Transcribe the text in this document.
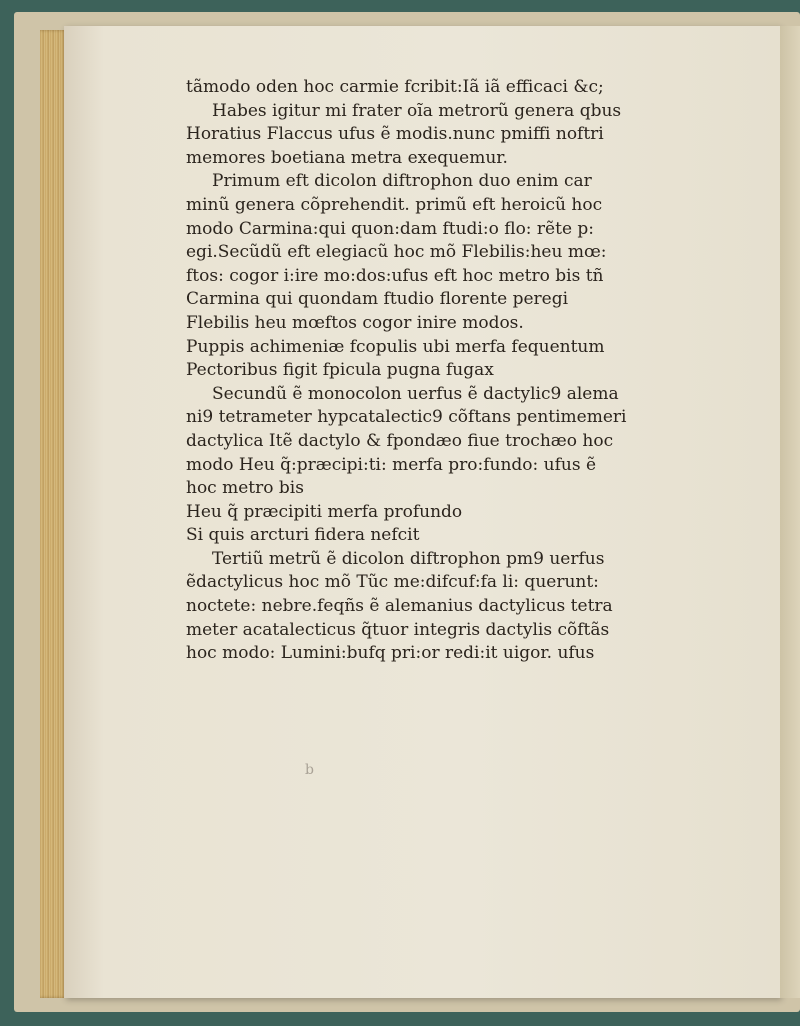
tãmodo oden hoc carmie fcribit:Iã iã efficaci &c;
Habes igitur mi frater oĩa metrorũ genera qbus
Horatius Flaccus ufus ẽ modis.nunc pmiffi noftri
memores boetiana metra exequemur.
Primum eft dicolon diftrophon duo enim car
minũ genera cõprehendit. primũ eft heroicũ hoc
modo Carmina:qui quon:dam ftudi:o flo: rẽte p:
egi.Secũdũ eft elegiacũ hoc mõ Flebilis:heu mœ:
ftos: cogor i:ire mo:dos:ufus eft hoc metro bis tñ
Carmina qui quondam ftudio florente peregi
Flebilis heu mœftos cogor inire modos.
Puppis achimeniæ fcopulis ubi merfa fequentum
Pectoribus figit fpicula pugna fugax
Secundũ ẽ monocolon uerfus ẽ dactylic9 alema
ni9 tetrameter hypcatalectic9 cõftans pentimemeri
dactylica Itẽ dactylo & fpondæo fiue trochæo hoc
modo Heu q̃:præcipi:ti: merfa pro:fundo: ufus ẽ
hoc metro bis
Heu q̃ præcipiti merfa profundo
Si quis arcturi fidera nefcit
Tertiũ metrũ ẽ dicolon diftrophon pm9 uerfus
ẽdactylicus hoc mõ Tũc me:difcuf:fa li: querunt:
noctete: nebre.feqñs ẽ alemanius dactylicus tetra
meter acatalecticus q̃tuor integris dactylis cõftãs
hoc modo: Lumini:bufq pri:or redi:it uigor. ufus
b
